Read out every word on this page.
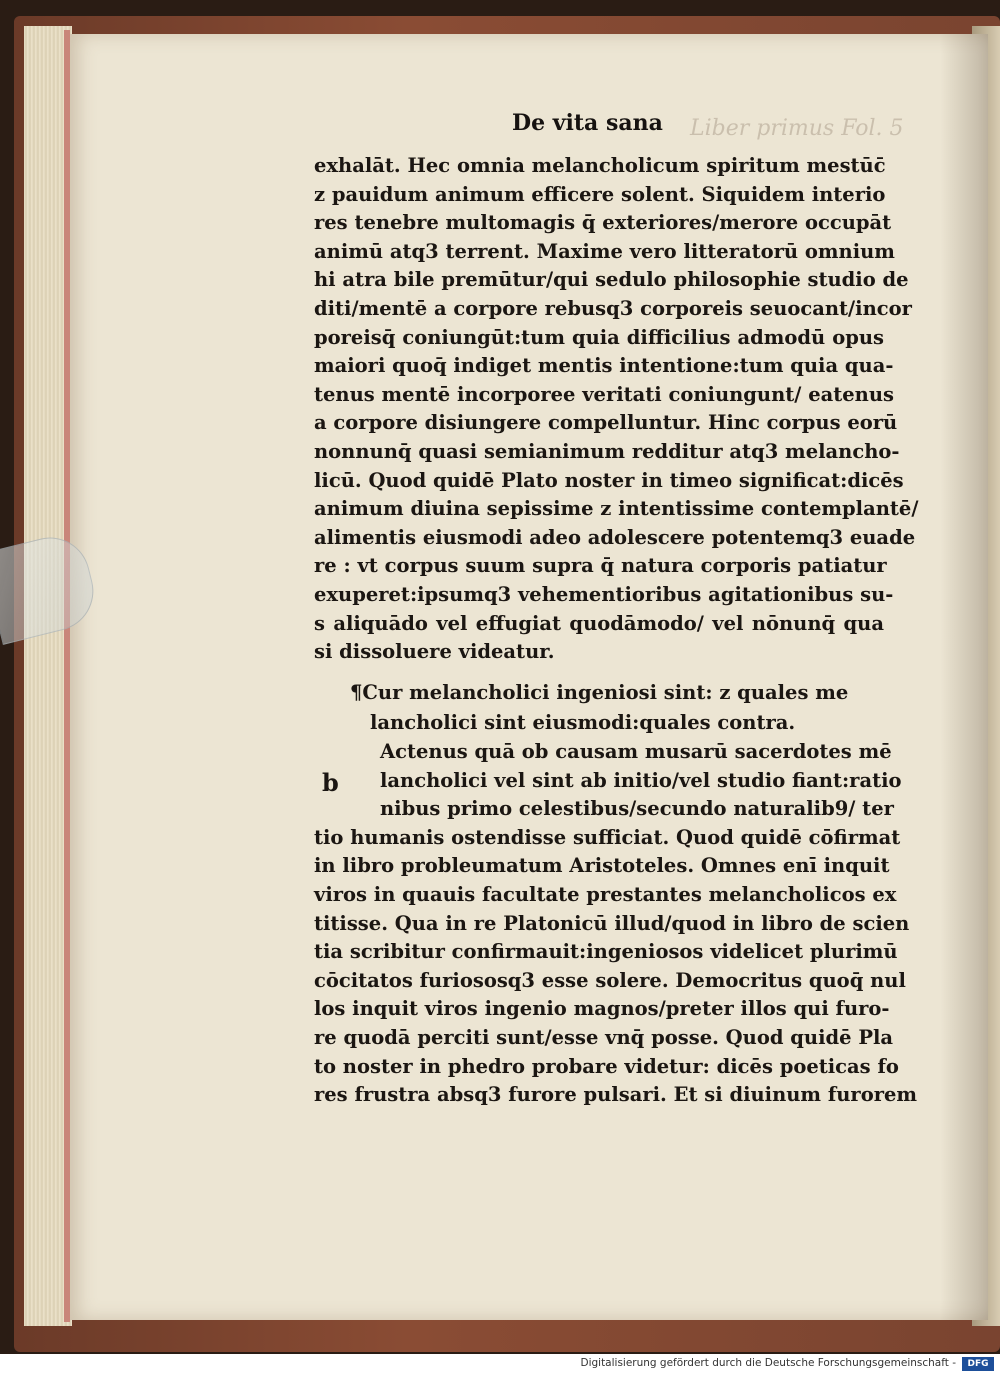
Liber primus Fol. 5
De vita sana
exhalāt. Hec omnia melancholicum spiritum mestūc̄
z pauidum animum efficere solent. Siquidem interio
res tenebre multomagis q̄ exteriores/merore occupāt
animū atq3 terrent. Maxime vero litteratorū omnium
hi atra bile premūtur/qui sedulo philosophie studio de
diti/mentē a corpore rebusq3 corporeis seuocant/incor
poreisq̄ coniungūt:tum quia difficilius admodū opus
maiori quoq̄ indiget mentis intentione:tum quia qua-
tenus mentē incorporee veritati coniungunt/ eatenus
a corpore disiungere compelluntur. Hinc corpus eorū
nonnunq̄ quasi semianimum redditur atq3 melancho-
licū. Quod quidē Plato noster in timeo significat:dicēs
animum diuina sepissime z intentissime contemplantē/
alimentis eiusmodi adeo adolescere potentemq3 euade
re : vt corpus suum supra q̄ natura corporis patiatur
exuperet:ipsumq3 vehementioribus agitationibus su-
s aliquādo vel effugiat quodāmodo/ vel nōnunq̄ qua
si dissoluere videatur.
¶Cur melancholici ingeniosi sint: z quales me
lancholici sint eiusmodi:quales contra.
b
Actenus quā ob causam musarū sacerdotes mē
lancholici vel sint ab initio/vel studio fiant:ratio
nibus primo celestibus/secundo naturalib9/ ter
tio humanis ostendisse sufficiat. Quod quidē cōfirmat
in libro probleumatum Aristoteles. Omnes enī inquit
viros in quauis facultate prestantes melancholicos ex
titisse. Qua in re Platonicū illud/quod in libro de scien
tia scribitur confirmauit:ingeniosos videlicet plurimū
cōcitatos furiososq3 esse solere. Democritus quoq̄ nul
los inquit viros ingenio magnos/preter illos qui furo-
re quodā perciti sunt/esse vnq̄ posse. Quod quidē Pla
to noster in phedro probare videtur: dicēs poeticas fo
res frustra absq3 furore pulsari. Et si diuinum furorem
Digitalisierung gefördert durch die Deutsche Forschungsgemeinschaft -	DFG
